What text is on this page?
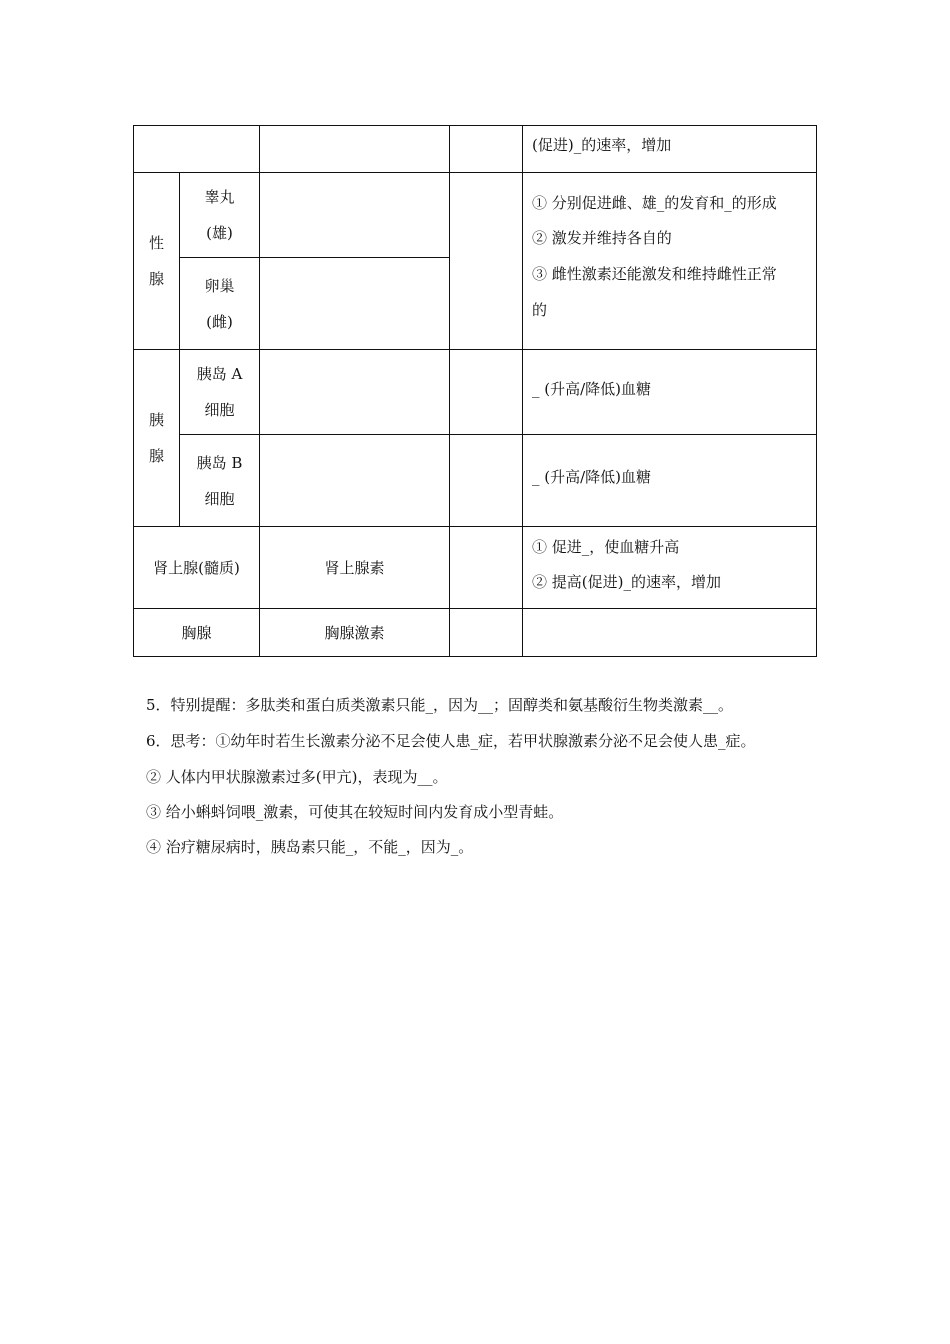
(促进)_的速率，增加
性
腺
睾丸
(雄)
卵巢
(雌)
① 分别促进雌、雄_的发育和_的形成
② 激发并维持各自的
③ 雌性激素还能激发和维持雌性正常
的
胰
腺
胰岛 A
细胞
_ (升高/降低)血糖
胰岛 B
细胞
_ (升高/降低)血糖
肾上腺(髓质)	肾上腺素
① 促进_，使血糖升高
② 提高(促进)_的速率，增加
胸腺	胸腺激素
5．特别提醒：多肽类和蛋白质类激素只能_，因为__；固醇类和氨基酸衍生物类激素__。
6．思考：①幼年时若生长激素分泌不足会使人患_症，若甲状腺激素分泌不足会使人患_症。
② 人体内甲状腺激素过多(甲亢)，表现为__。
③ 给小蝌蚪饲喂_激素，可使其在较短时间内发育成小型青蛙。
④ 治疗糖尿病时，胰岛素只能_，不能_，因为_。
